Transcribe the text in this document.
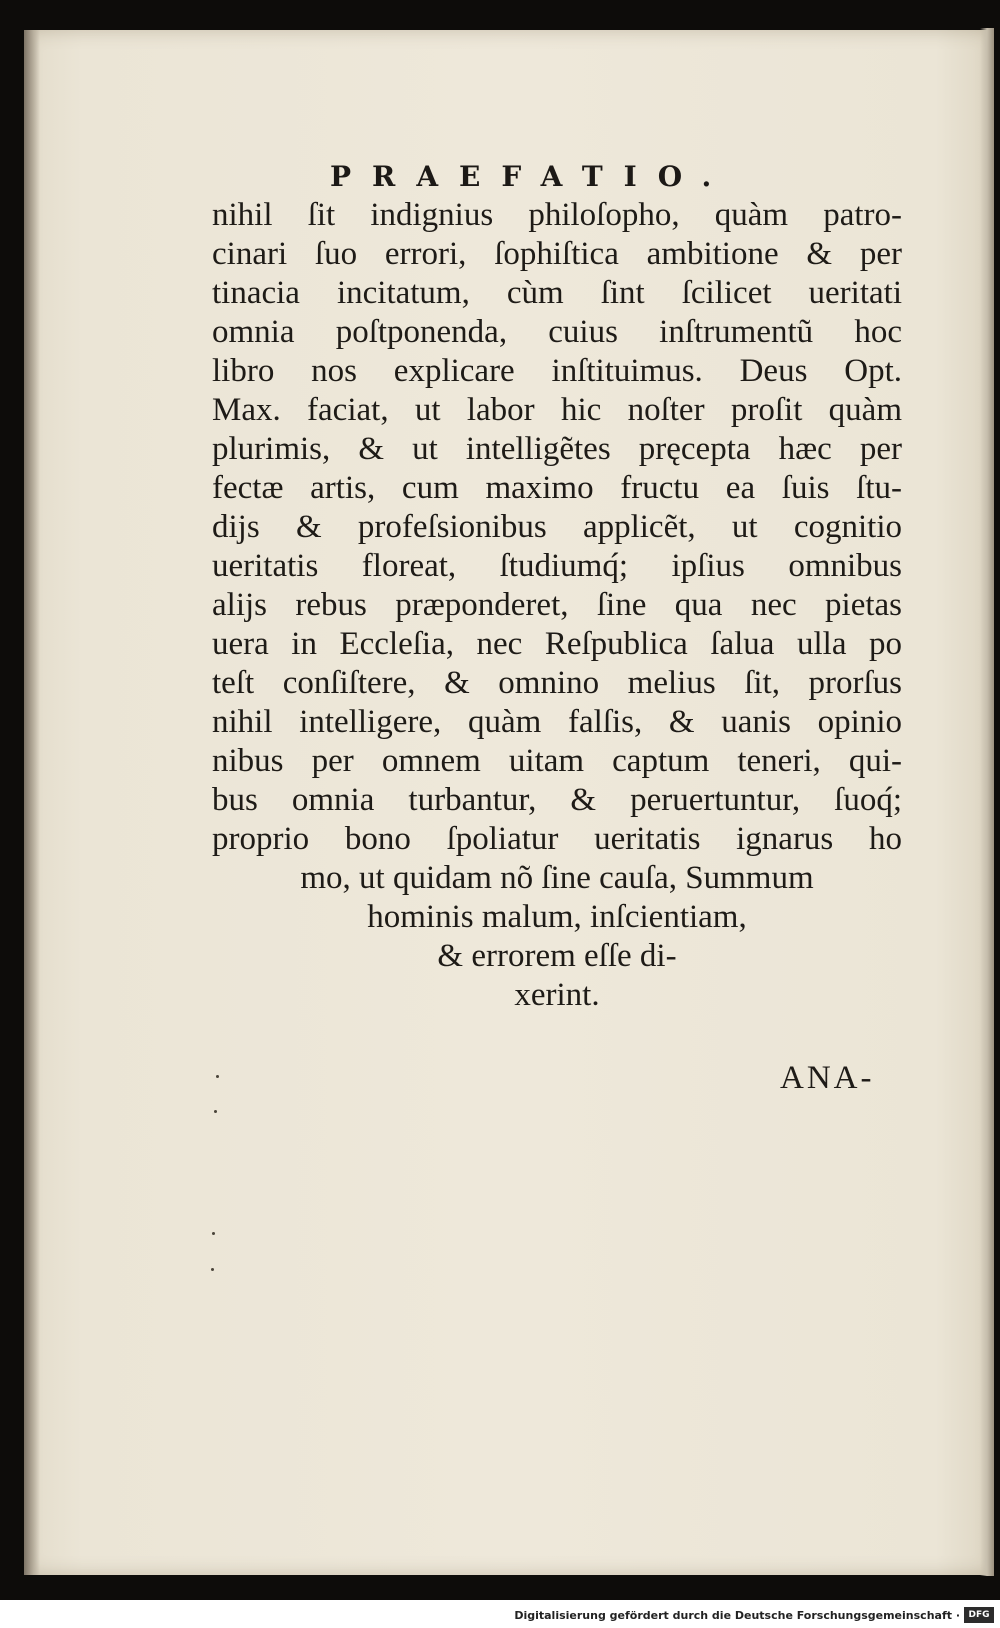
PRAEFATIO.
nihil ſit indignius philoſopho, quàm patro-
cinari ſuo errori, ſophiſtica ambitione & per
tinacia incitatum, cùm ſint ſcilicet ueritati
omnia poſtponenda, cuius inſtrumentũ hoc
libro nos explicare inſtituimus. Deus Opt.
Max. faciat, ut labor hic noſter proſit quàm
plurimis, & ut intelligẽtes pręcepta hæc per
fectæ artis, cum maximo fructu ea ſuis ſtu-
dijs & profeſsionibus applicẽt, ut cognitio
ueritatis floreat, ſtudiumq́; ipſius omnibus
alijs rebus præponderet, ſine qua nec pietas
uera in Eccleſia, nec Reſpublica ſalua ulla po
teſt conſiſtere, & omnino melius ſit, prorſus
nihil intelligere, quàm falſis, & uanis opinio
nibus per omnem uitam captum teneri, qui-
bus omnia turbantur, & peruertuntur, ſuoq́;
proprio bono ſpoliatur ueritatis ignarus ho
mo, ut quidam nõ ſine cauſa, Summum
hominis malum, inſcientiam,
& errorem eſſe di-
xerint.
ANA-
Digitalisierung gefördert durch die Deutsche Forschungsgemeinschaft · DFG
